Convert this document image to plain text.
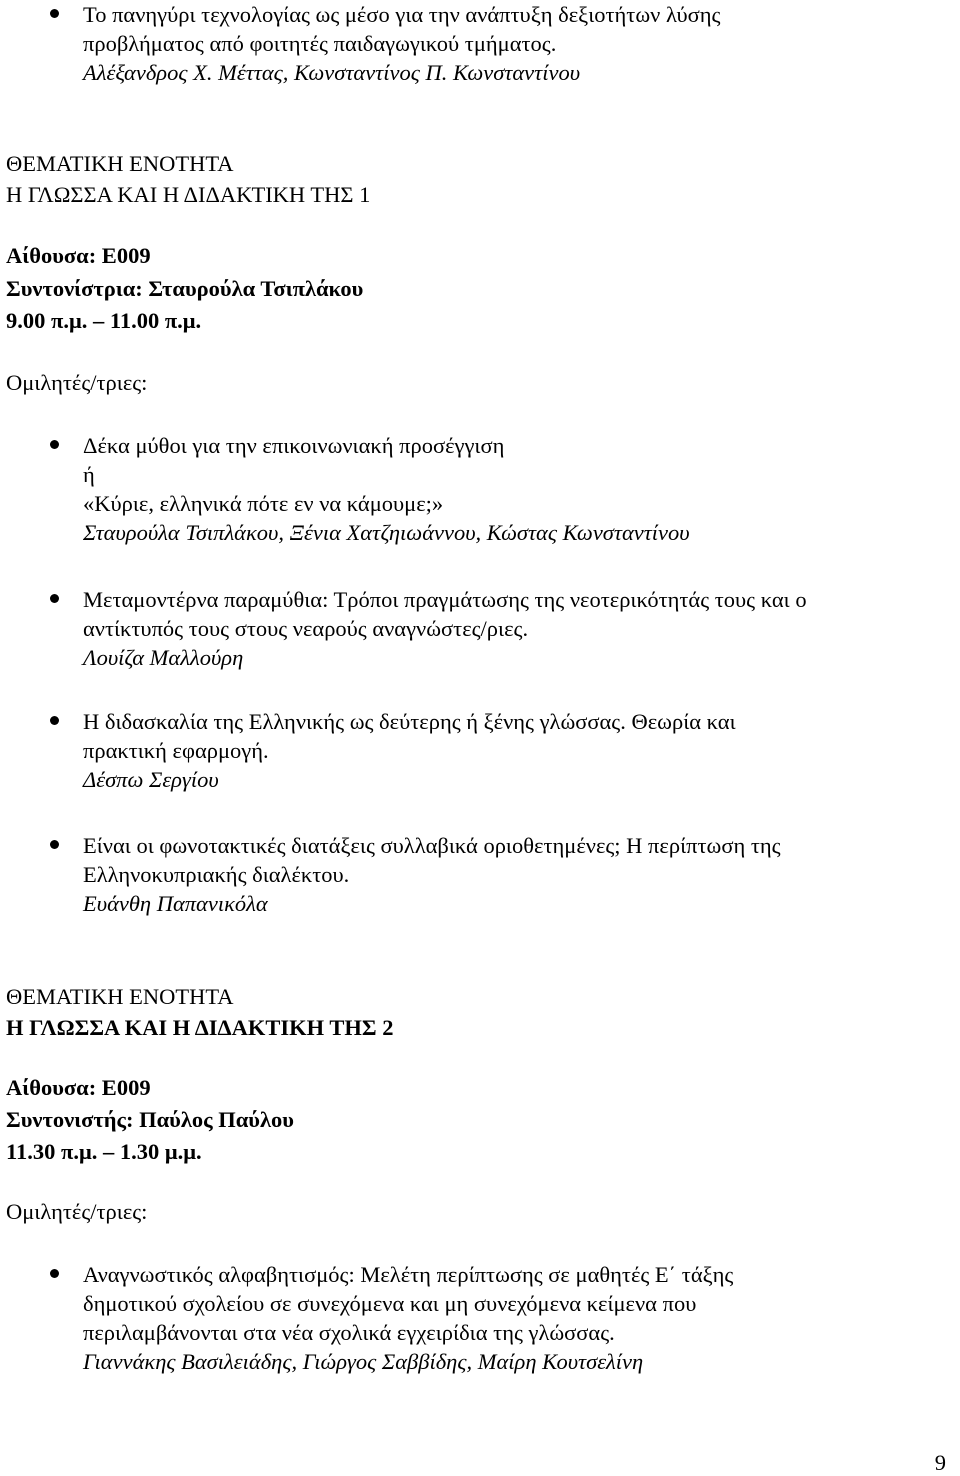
Το πανηγύρι τεχνολογίας ως μέσο για την ανάπτυξη δεξιοτήτων λύσης
προβλήματος από φοιτητές παιδαγωγικού τμήματος.
Αλέξανδρος Χ. Μέττας, Κωνσταντίνος Π. Κωνσταντίνου
ΘΕΜΑΤΙΚΗ ΕΝΟΤΗΤΑ
Η ΓΛΩΣΣΑ ΚΑΙ Η ΔΙΔΑΚΤΙΚΗ ΤΗΣ 1
Αίθουσα: Ε009
Συντονίστρια: Σταυρούλα Τσιπλάκου
9.00 π.μ. – 11.00 π.μ.
Ομιλητές/τριες:
Δέκα μύθοι για την επικοινωνιακή προσέγγιση
ή
«Κύριε, ελληνικά πότε εν να κάμουμε;»
Σταυρούλα Τσιπλάκου, Ξένια Χατζηιωάννου, Κώστας Κωνσταντίνου
Μεταμοντέρνα παραμύθια: Τρόποι πραγμάτωσης της νεοτερικότητάς τους και ο
αντίκτυπός τους στους νεαρούς αναγνώστες/ριες.
Λουίζα Μαλλούρη
Η διδασκαλία της Ελληνικής ως δεύτερης ή ξένης γλώσσας. Θεωρία και
πρακτική εφαρμογή.
Δέσπω Σεργίου
Είναι οι φωνοτακτικές διατάξεις συλλαβικά οριοθετημένες; Η περίπτωση της
Ελληνοκυπριακής διαλέκτου.
Ευάνθη Παπανικόλα
ΘΕΜΑΤΙΚΗ ΕΝΟΤΗΤΑ
Η ΓΛΩΣΣΑ ΚΑΙ Η ΔΙΔΑΚΤΙΚΗ ΤΗΣ 2
Αίθουσα: Ε009
Συντονιστής: Παύλος Παύλου
11.30 π.μ. – 1.30 μ.μ.
Ομιλητές/τριες:
Αναγνωστικός αλφαβητισμός: Μελέτη περίπτωσης σε μαθητές Ε΄ τάξης
δημοτικού σχολείου σε συνεχόμενα και μη συνεχόμενα κείμενα που
περιλαμβάνονται στα νέα σχολικά εγχειρίδια της γλώσσας.
Γιαννάκης Βασιλειάδης, Γιώργος Σαββίδης, Μαίρη Κουτσελίνη
9
